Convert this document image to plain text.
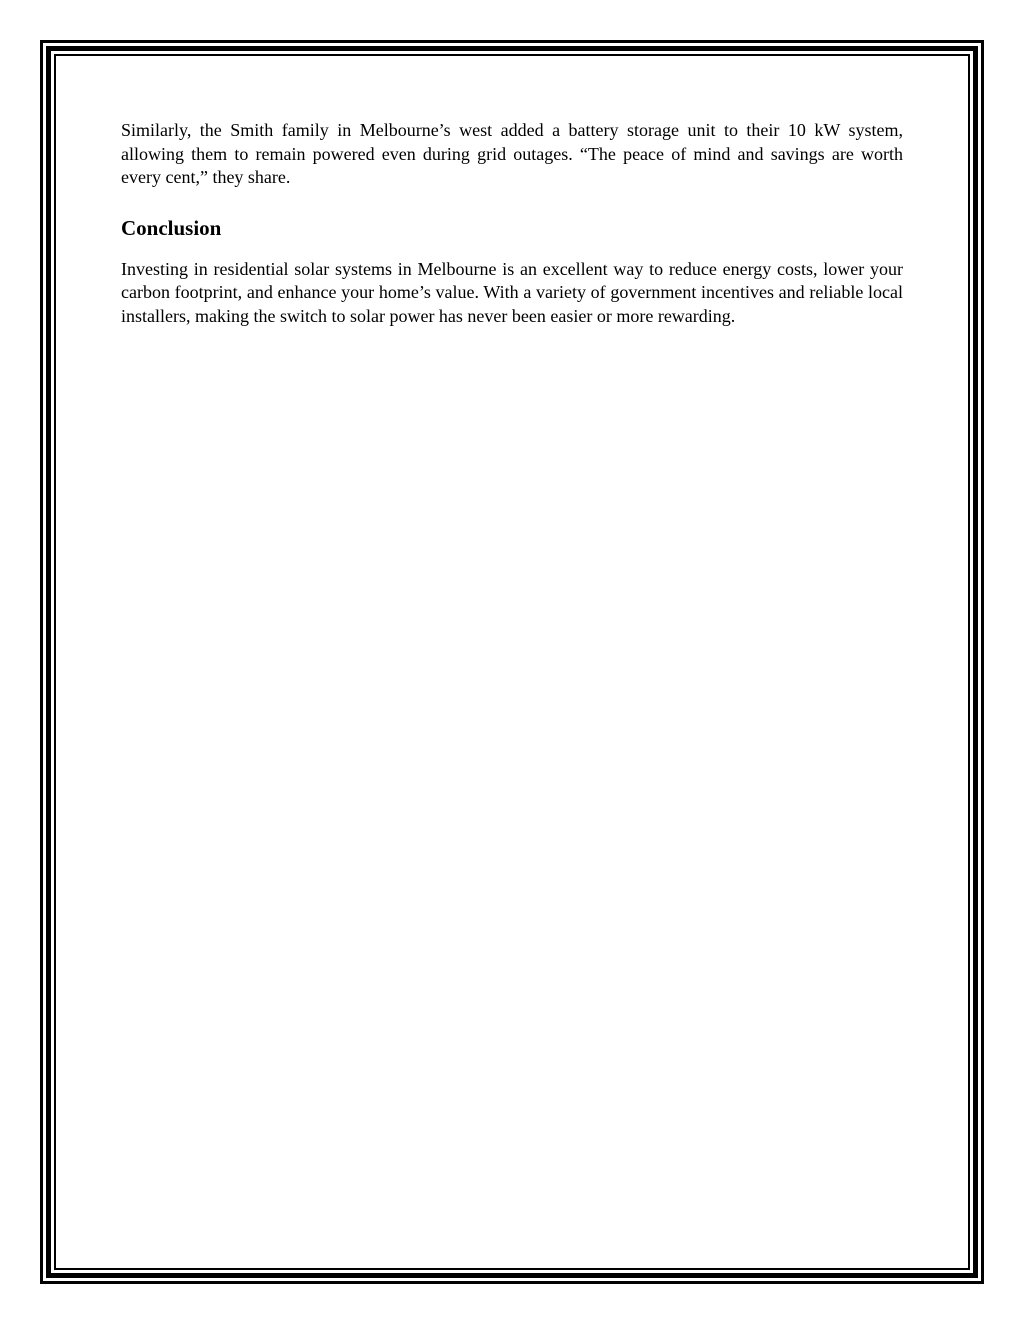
Similarly, the Smith family in Melbourne’s west added a battery storage unit to their 10 kW system, allowing them to remain powered even during grid outages. “The peace of mind and savings are worth every cent,” they share.

Conclusion

Investing in residential solar systems in Melbourne is an excellent way to reduce energy costs, lower your carbon footprint, and enhance your home’s value. With a variety of government incentives and reliable local installers, making the switch to solar power has never been easier or more rewarding.
